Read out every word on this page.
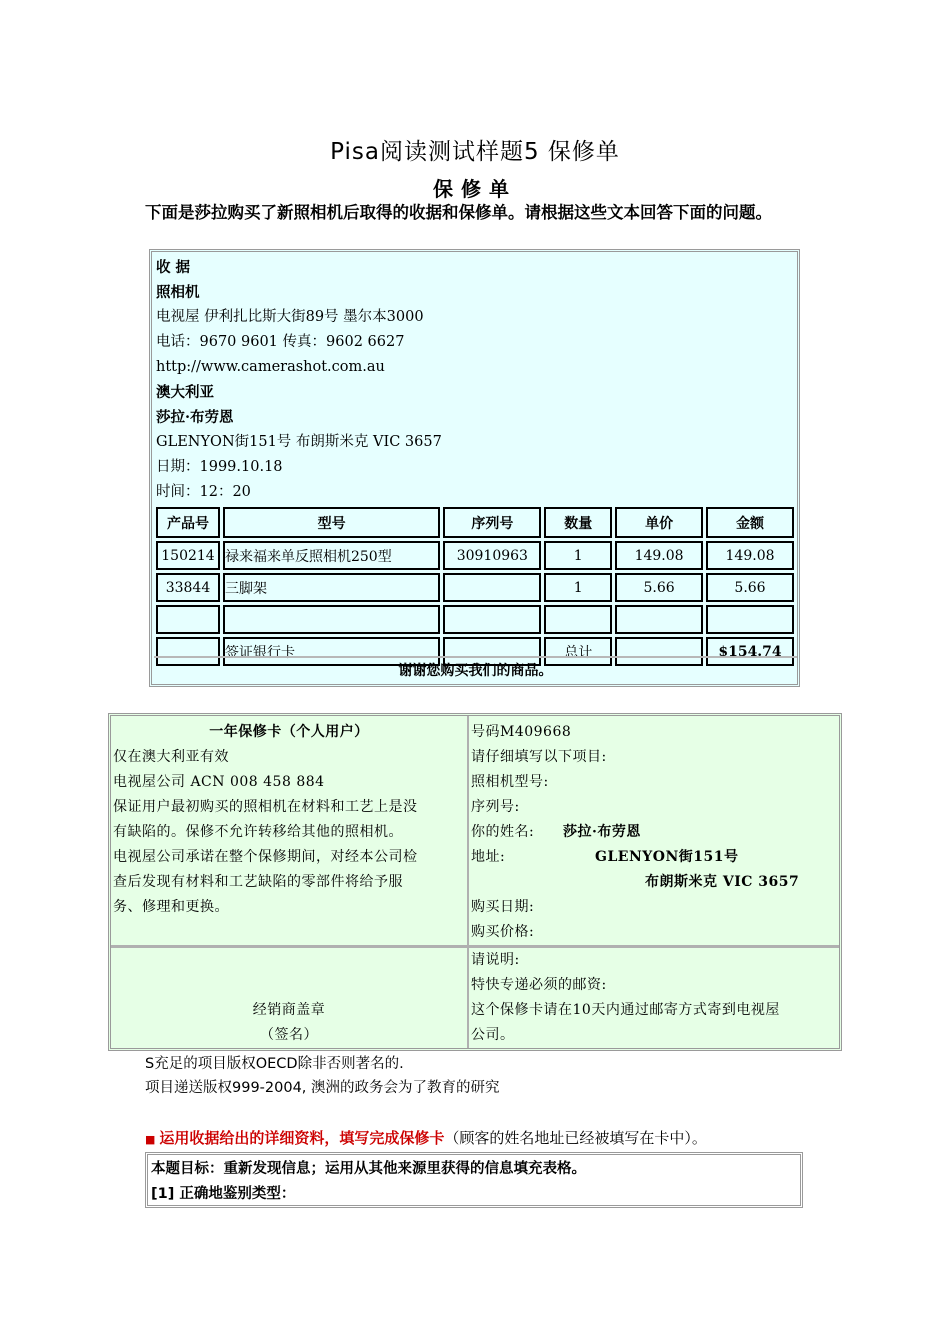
Pisa阅读测试样题5 保修单
保修单
下面是莎拉购买了新照相机后取得的收据和保修单。请根据这些文本回答下面的问题。
收 据
照相机
电视屋 伊利扎比斯大街89号 墨尔本3000
电话：9670 9601 传真：9602 6627
http://www.camerashot.com.au
澳大利亚
莎拉·布劳恩
GLENYON街151号 布朗斯米克 VIC 3657
日期：1999.10.18
时间：12：20
产品号	型号	序列号	数量	单价	金额
150214	禄来福来单反照相机250型	30910963	1	149.08	149.08
33844	三脚架		1	5.66	5.66

	签证银行卡		总计		$154.74
谢谢您购买我们的商品。
一年保修卡（个人用户）
仅在澳大利亚有效
电视屋公司 ACN 008 458 884
保证用户最初购买的照相机在材料和工艺上是没
有缺陷的。保修不允许转移给其他的照相机。
电视屋公司承诺在整个保修期间，对经本公司检
查后发现有材料和工艺缺陷的零部件将给予服
务、修理和更换。
号码M409668
请仔细填写以下项目:
照相机型号:
序列号:
你的姓名: 莎拉·布劳恩
地址:	GLENYON街151号
布朗斯米克 VIC 3657
购买日期:
购买价格:
经销商盖章
（签名）
请说明:
特快专递必须的邮资:
这个保修卡请在10天内通过邮寄方式寄到电视屋
公司。
S充足的项目版权OECD除非否则著名的.
项目递送版权999-2004, 澳洲的政务会为了教育的研究
■ 运用收据给出的详细资料，填写完成保修卡（顾客的姓名地址已经被填写在卡中）。
本题目标：重新发现信息；运用从其他来源里获得的信息填充表格。
[1] 正确地鉴别类型：
